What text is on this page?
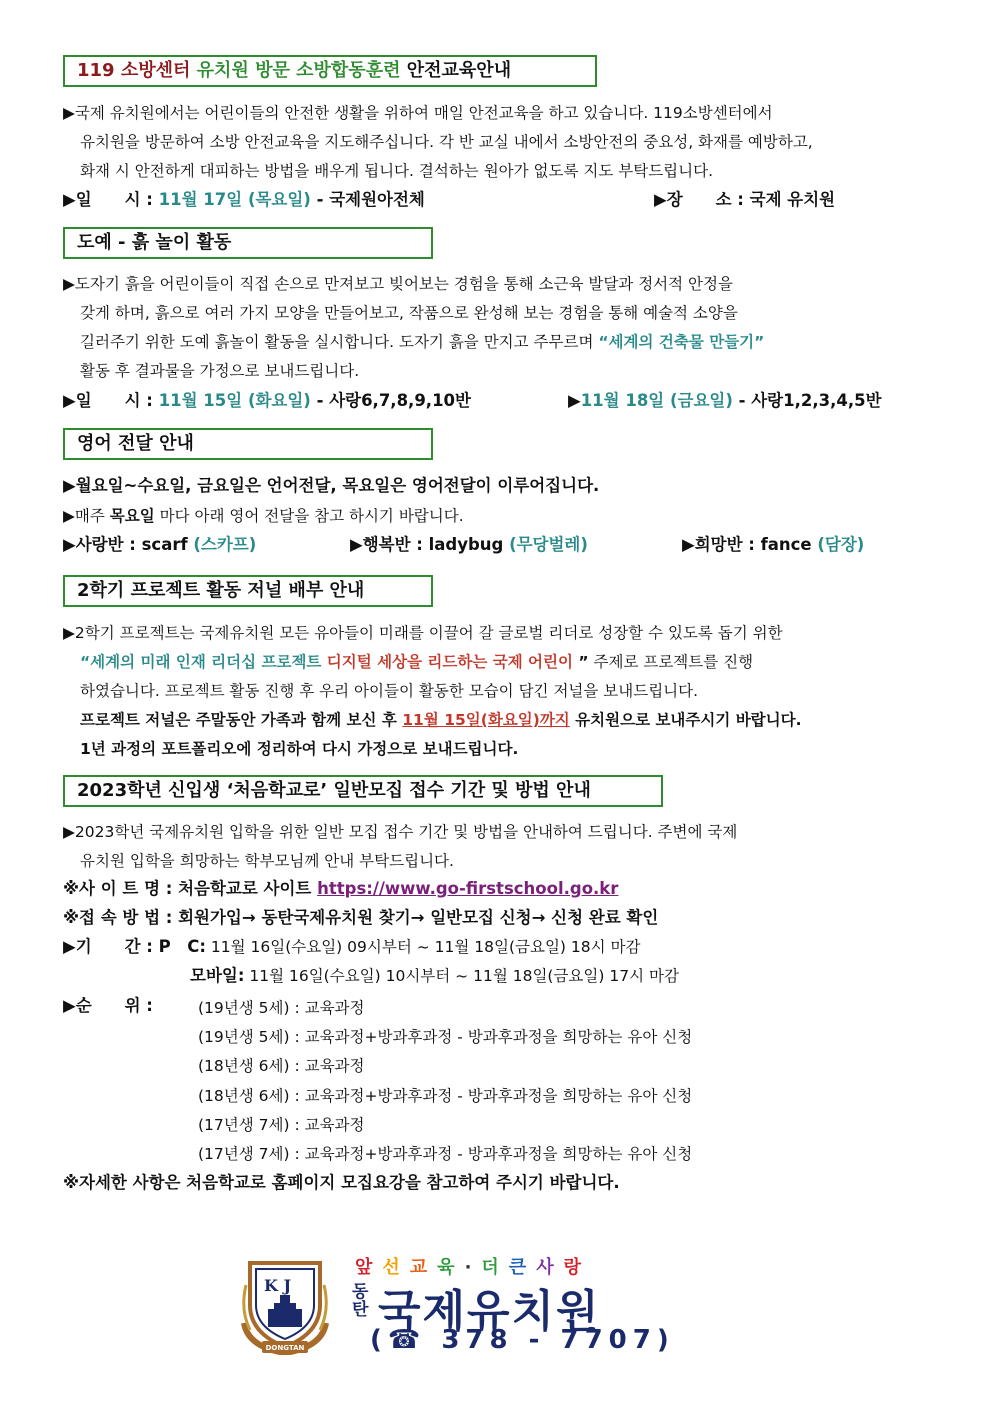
119 소방센터 유치원 방문 소방합동훈련 안전교육안내

▶국제 유치원에서는 어린이들의 안전한 생활을 위하여 매일 안전교육을 하고 있습니다. 119소방센터에서

유치원을 방문하여 소방 안전교육을 지도해주십니다. 각 반 교실 내에서 소방안전의 중요성, 화재를 예방하고,

화재 시 안전하게 대피하는 방법을 배우게 됩니다. 결석하는 원아가 없도록 지도 부탁드립니다.

▶일　　시 : 11월 17일 (목요일) - 국제원아전체	▶장　　소 : 국제 유치원
도예 - 흙 놀이 활동

▶도자기 흙을 어린이들이 직접 손으로 만져보고 빚어보는 경험을 통해 소근육 발달과 정서적 안정을

갖게 하며, 흙으로 여러 가지 모양을 만들어보고, 작품으로 완성해 보는 경험을 통해 예술적 소양을

길러주기 위한 도예 흙놀이 활동을 실시합니다. 도자기 흙을 만지고 주무르며 “세계의 건축물 만들기”

활동 후 결과물을 가정으로 보내드립니다.

▶일　　시 : 11월 15일 (화요일) - 사랑6,7,8,9,10반	▶11월 18일 (금요일) - 사랑1,2,3,4,5반
영어 전달 안내
▶월요일~수요일, 금요일은 언어전달, 목요일은 영어전달이 이루어집니다.
▶매주 목요일 마다 아래 영어 전달을 참고 하시기 바랍니다.
▶사랑반 : scarf (스카프)	▶행복반 : ladybug (무당벌레)	▶희망반 : fance (담장)
2학기 프로젝트 활동 저널 배부 안내

▶2학기 프로젝트는 국제유치원 모든 유아들이 미래를 이끌어 갈 글로벌 리더로 성장할 수 있도록 돕기 위한

“세계의 미래 인재 리더십 프로젝트 디지털 세상을 리드하는 국제 어린이 ” 주제로 프로젝트를 진행

하였습니다. 프로젝트 활동 진행 후 우리 아이들이 활동한 모습이 담긴 저널을 보내드립니다.

프로젝트 저널은 주말동안 가족과 함께 보신 후 11월 15일(화요일)까지 유치원으로 보내주시기 바랍니다.

1년 과정의 포트폴리오에 정리하여 다시 가정으로 보내드립니다.

2023학년 신입생 ‘처음학교로’ 일반모집 접수 기간 및 방법 안내

▶2023학년 국제유치원 입학을 위한 일반 모집 접수 기간 및 방법을 안내하여 드립니다. 주변에 국제

유치원 입학을 희망하는 학부모님께 안내 부탁드립니다.

※사 이 트 명 : 처음학교로 사이트 https://www.go-firstschool.go.kr
※접 속 방 법 : 회원가입→ 동탄국제유치원 찾기→ 일반모집 신청→ 신청 완료 확인
▶기　　간 : P　C: 11월 16일(수요일) 09시부터 ~ 11월 18일(금요일) 18시 마감
모바일: 11월 16일(수요일) 10시부터 ~ 11월 18일(금요일) 17시 마감
▶순　　위 :	(19년생 5세) : 교육과정
(19년생 5세) : 교육과정+방과후과정 - 방과후과정을 희망하는 유아 신청
(18년생 6세) : 교육과정
(18년생 6세) : 교육과정+방과후과정 - 방과후과정을 희망하는 유아 신청
(17년생 7세) : 교육과정
(17년생 7세) : 교육과정+방과후과정 - 방과후과정을 희망하는 유아 신청
※자세한 사항은 처음학교로 홈페이지 모집요강을 참고하여 주시기 바랍니다.
K J
DONGTAN
앞선교육·더큰사랑
동
탄 국제유치원
(☎ 378 - 7707)
